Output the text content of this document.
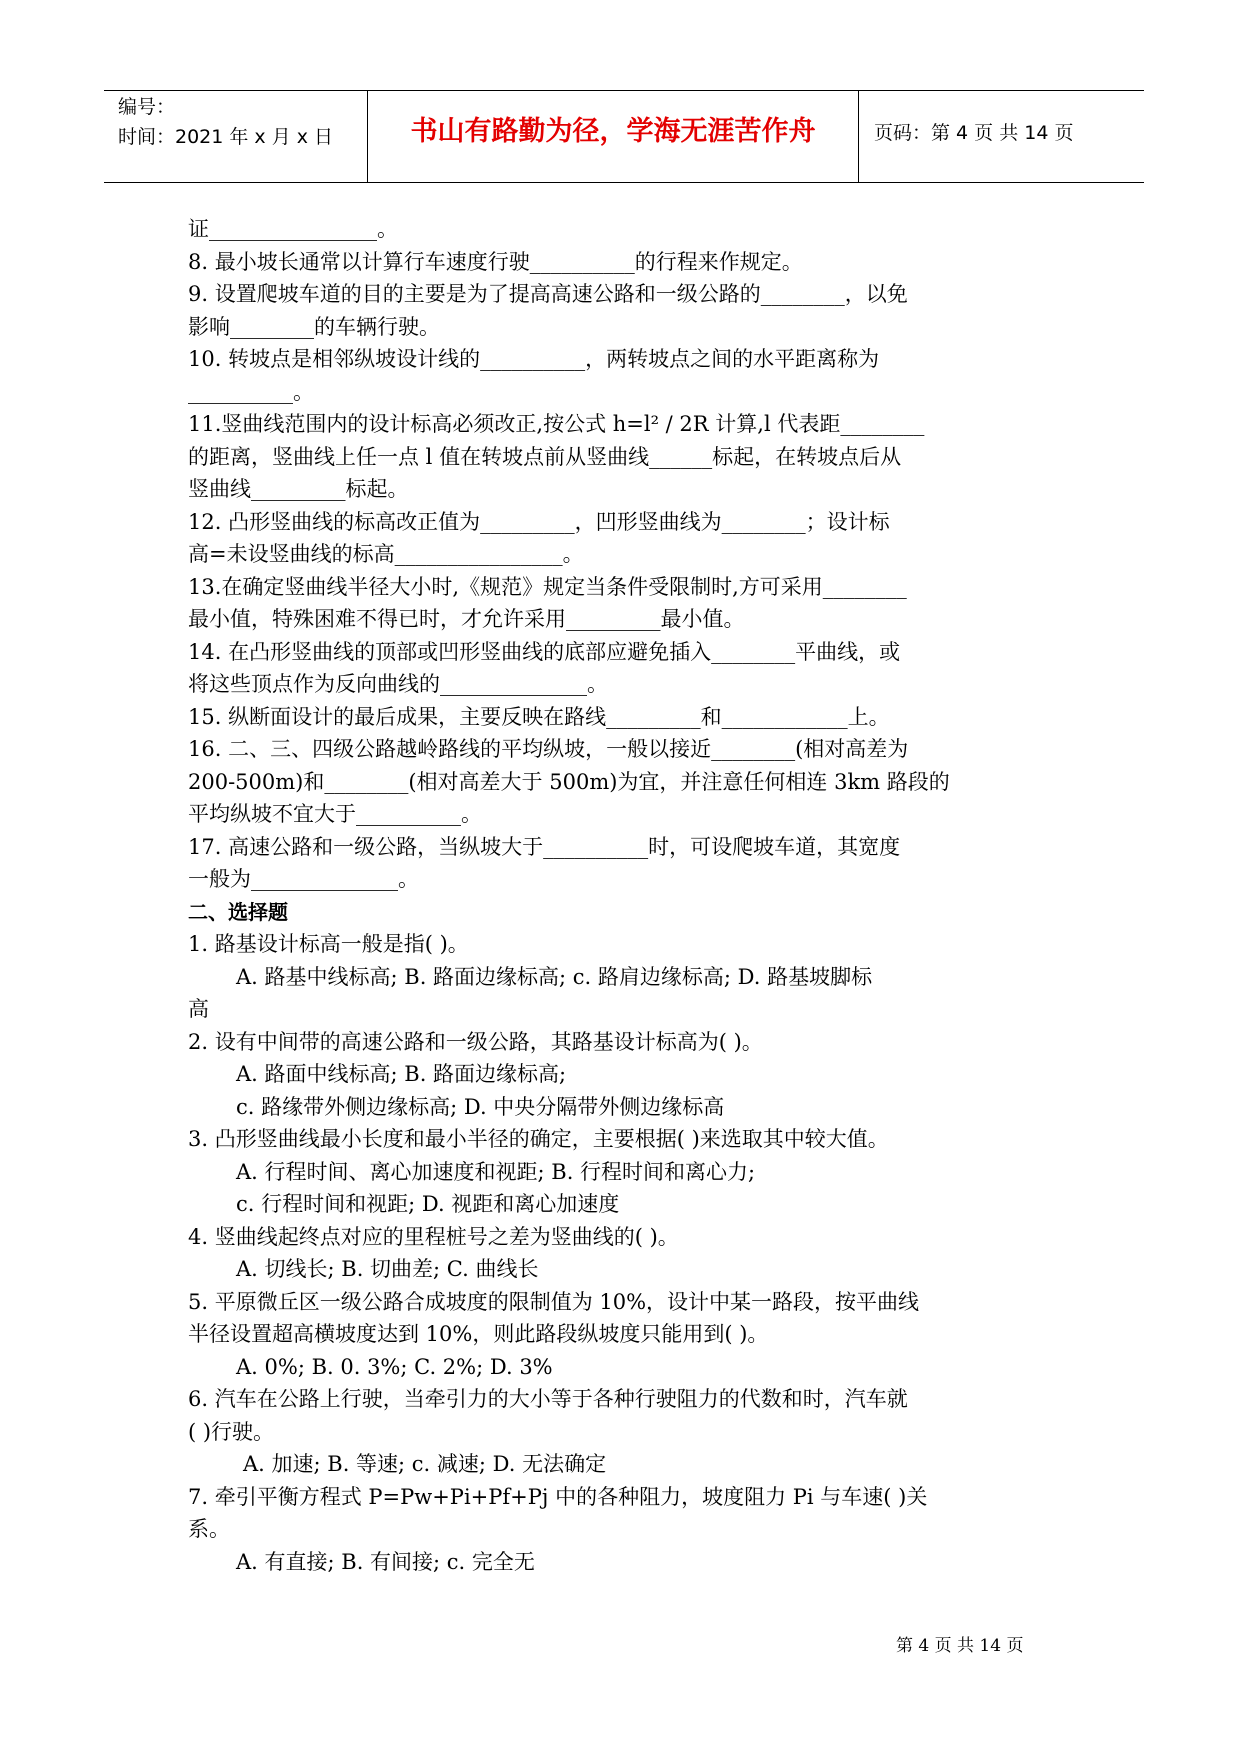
编号：
时间：2021 年 x 月 x 日	书山有路勤为径，学海无涯苦作舟	页码：第 4 页 共 14 页

证________________。

8. 最小坡长通常以计算行车速度行驶__________的行程来作规定。

9. 设置爬坡车道的目的主要是为了提高高速公路和一级公路的________，以免

影响________的车辆行驶。

10. 转坡点是相邻纵坡设计线的__________，两转坡点之间的水平距离称为

__________。

11.竖曲线范围内的设计标高必须改正,按公式 h=l² / 2R 计算,l 代表距________

的距离，竖曲线上任一点 l 值在转坡点前从竖曲线______标起，在转坡点后从

竖曲线_________标起。

12. 凸形竖曲线的标高改正值为_________，凹形竖曲线为________；设计标

高=未设竖曲线的标高________________。

13.在确定竖曲线半径大小时,《规范》规定当条件受限制时,方可采用________

最小值，特殊困难不得已时，才允许采用_________最小值。

14. 在凸形竖曲线的顶部或凹形竖曲线的底部应避免插入________平曲线，或

将这些顶点作为反向曲线的______________。

15. 纵断面设计的最后成果，主要反映在路线_________和____________上。

16. 二、三、四级公路越岭路线的平均纵坡，一般以接近________(相对高差为

200-500m)和________(相对高差大于 500m)为宜，并注意任何相连 3km 路段的

平均纵坡不宜大于__________。

17. 高速公路和一级公路，当纵坡大于__________时，可设爬坡车道，其宽度

一般为______________。

二、选择题

1. 路基设计标高一般是指( )。

A. 路基中线标高; B. 路面边缘标高; c. 路肩边缘标高; D. 路基坡脚标

高

2. 设有中间带的高速公路和一级公路，其路基设计标高为( )。

A. 路面中线标高; B. 路面边缘标高;

c. 路缘带外侧边缘标高; D. 中央分隔带外侧边缘标高

3. 凸形竖曲线最小长度和最小半径的确定，主要根据( )来选取其中较大值。

A. 行程时间、离心加速度和视距; B. 行程时间和离心力;

c. 行程时间和视距; D. 视距和离心加速度

4. 竖曲线起终点对应的里程桩号之差为竖曲线的( )。

A. 切线长; B. 切曲差; C. 曲线长

5. 平原微丘区一级公路合成坡度的限制值为 10%，设计中某一路段，按平曲线

半径设置超高横坡度达到 10%，则此路段纵坡度只能用到( )。

A. 0%; B. 0. 3%; C. 2%; D. 3%

6. 汽车在公路上行驶，当牵引力的大小等于各种行驶阻力的代数和时，汽车就

( )行驶。

A. 加速; B. 等速; c. 减速; D. 无法确定

7. 牵引平衡方程式 P=Pw+Pi+Pf+Pj 中的各种阻力，坡度阻力 Pi 与车速( )关

系。

A. 有直接; B. 有间接; c. 完全无

第 4 页 共 14 页
